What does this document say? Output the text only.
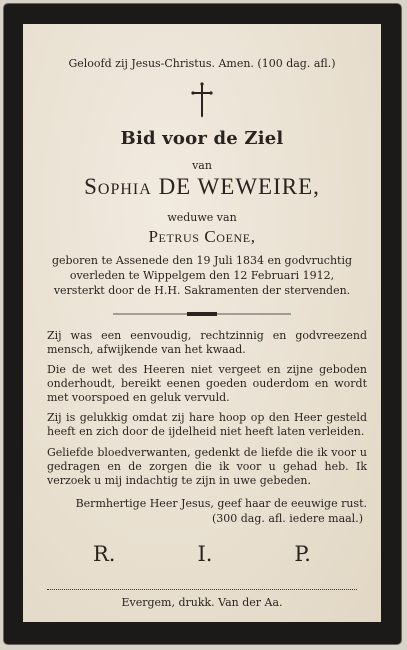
Geloofd zij Jesus-Christus. Amen. (100 dag. afl.)
Bid voor de Ziel
van
Sophia DE WEWEIRE,
weduwe van
Petrus Coene,
geboren te Assenede den 19 Juli 1834 en godvruchtig
overleden te Wippelgem den 12 Februari 1912,
versterkt door de H.H. Sakramenten der stervenden.
Zij was een eenvoudig, rechtzinnig en godvreezend mensch, afwijkende van het kwaad.
Die de wet des Heeren niet vergeet en zijne geboden onderhoudt, bereikt eenen goeden ouderdom en wordt met voorspoed en geluk vervuld.
Zij is gelukkig omdat zij hare hoop op den Heer gesteld heeft en zich door de ijdelheid niet heeft laten verleiden.
Geliefde bloedverwanten, gedenkt de liefde die ik voor u gedragen en de zorgen die ik voor u gehad heb. Ik verzoek u mij indachtig te zijn in uwe gebeden.
Bermhertige Heer Jesus, geef haar de eeuwige rust.
(300 dag. afl. iedere maal.)
R.	I.	P.
Evergem, drukk. Van der Aa.
